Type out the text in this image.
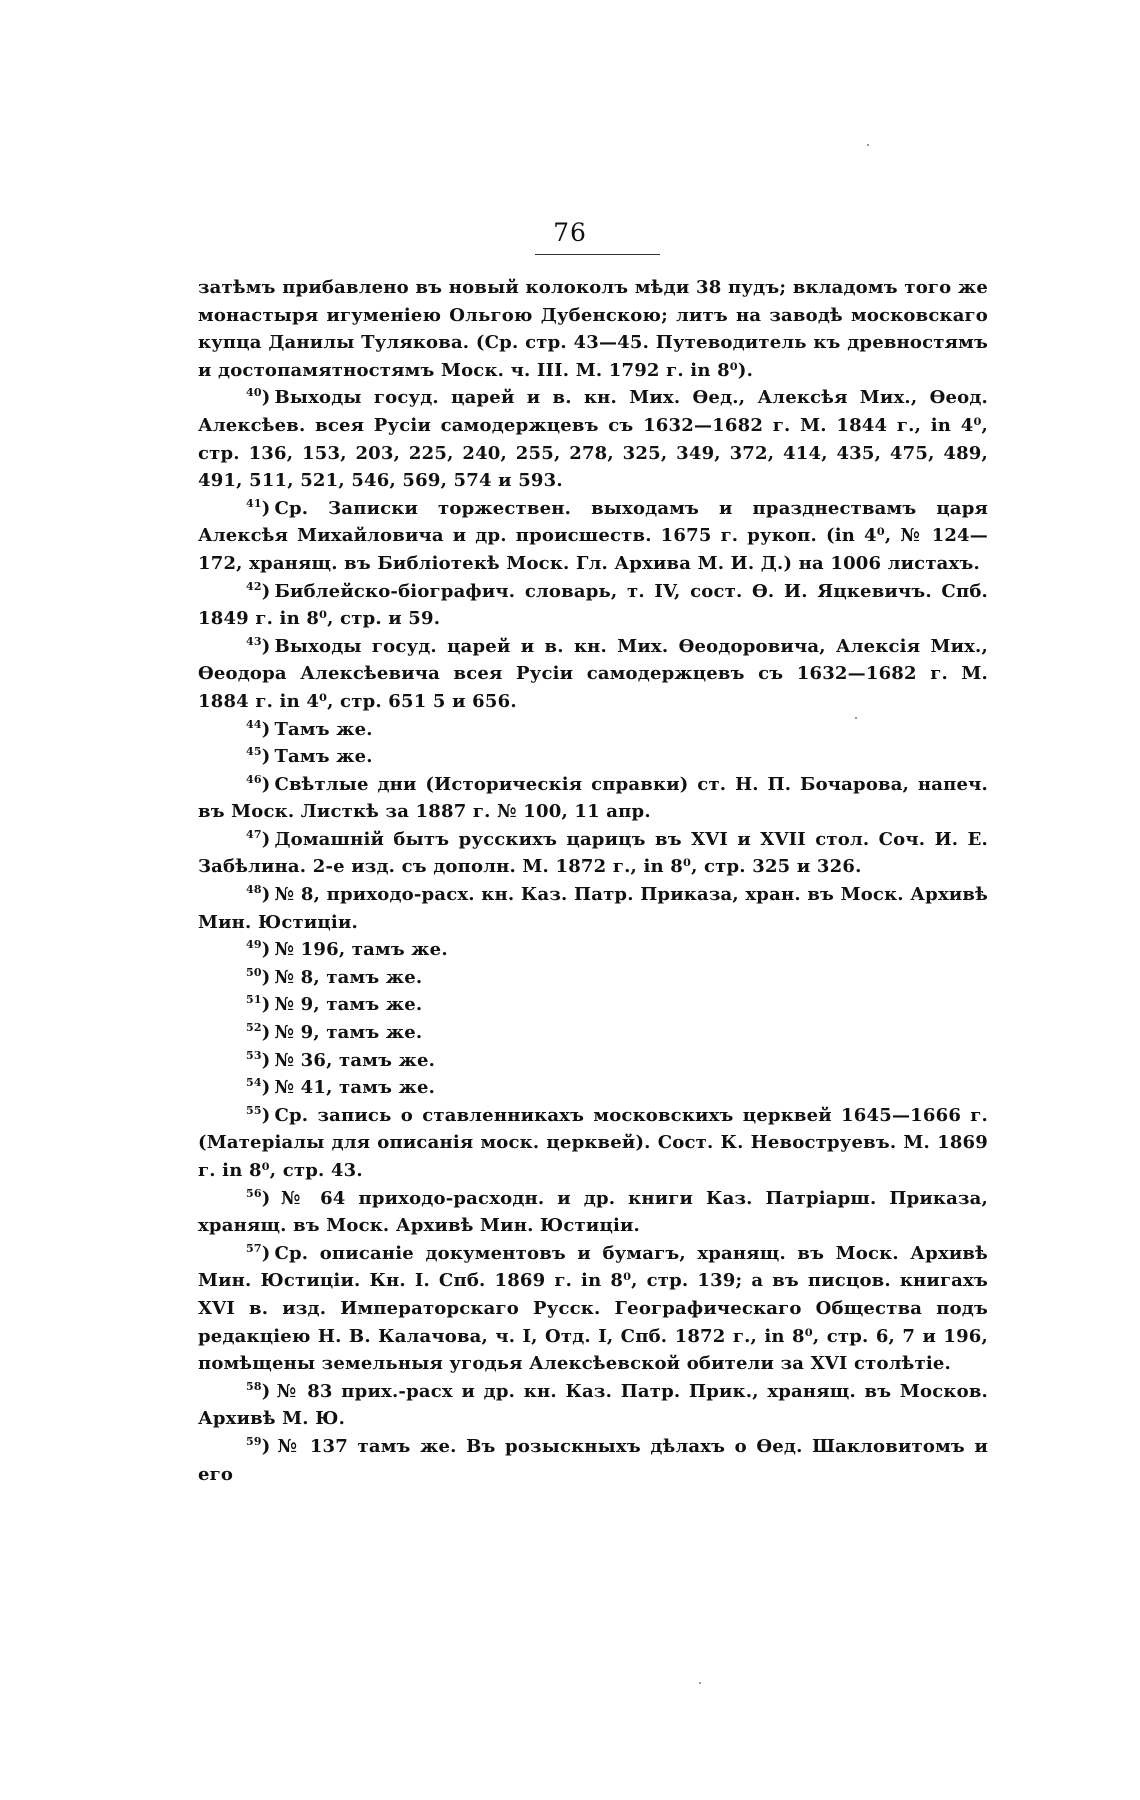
76

затѣмъ прибавлено въ новый колоколъ мѣди 38 пудъ; вкладомъ того же монастыря игуменіею Ольгою Дубенскою; литъ на заводѣ московскаго купца Данилы Тулякова. (Ср. стр. 43—45. Путеводитель къ древностямъ и достопамятностямъ Моск. ч. III. М. 1792 г. in 8⁰).

$^{40}$ ) Выходы госуд. царей и в. кн. Мих. Ѳед., Алексѣя Мих., Ѳеод. Алексѣев. всея Русіи самодержцевъ съ 1632—1682 г. М. 1844 г., in 4⁰, стр. 136, 153, 203, 225, 240, 255, 278, 325, 349, 372, 414, 435, 475, 489, 491, 511, 521, 546, 569, 574 и 593.

$^{41}$ ) Ср. Записки торжествен. выходамъ и празднествамъ царя Алексѣя Михайловича и др. происшеств. 1675 г. рукоп. (in 4⁰, № 124—172, хранящ. въ Библіотекѣ Моск. Гл. Архива М. И. Д.) на 1006 листахъ.

$^{42}$ ) Библейско-біографич. словарь, т. IV, сост. Ѳ. И. Яцкевичъ. Спб. 1849 г. in 8⁰, стр. и 59.

$^{43}$ ) Выходы госуд. царей и в. кн. Мих. Ѳеодоровича, Алексія Мих., Ѳеодора Алексѣевича всея Русіи самодержцевъ съ 1632—1682 г. М. 1884 г. in 4⁰, стр. 651 5 и 656.

$^{44}$ ) Тамъ же.

$^{45}$ ) Тамъ же.

$^{46}$ ) Свѣтлые дни (Историческія справки) ст. Н. П. Бочарова, напеч. въ Моск. Листкѣ за 1887 г. № 100, 11 апр.

$^{47}$ ) Домашній бытъ русскихъ царицъ въ XVI и XVII стол. Соч. И. Е. Забѣлина. 2-е изд. съ дополн. М. 1872 г., in 8⁰, стр. 325 и 326.

$^{48}$ ) № 8, приходо-расх. кн. Каз. Патр. Приказа, хран. въ Моск. Архивѣ Мин. Юстиціи.

$^{49}$ ) № 196, тамъ же.

$^{50}$ ) № 8, тамъ же.

$^{51}$ ) № 9, тамъ же.

$^{52}$ ) № 9, тамъ же.

$^{53}$ ) № 36, тамъ же.

$^{54}$ ) № 41, тамъ же.

$^{55}$ ) Ср. запись о ставленникахъ московскихъ церквей 1645—1666 г. (Матеріалы для описанія моск. церквей). Сост. К. Невоструевъ. М. 1869 г. in 8⁰, стр. 43.

$^{56}$ ) № 64 приходо-расходн. и др. книги Каз. Патріарш. Приказа, хранящ. въ Моск. Архивѣ Мин. Юстиціи.

$^{57}$ ) Ср. описаніе документовъ и бумагъ, хранящ. въ Моск. Архивѣ Мин. Юстиціи. Кн. I. Спб. 1869 г. in 8⁰, стр. 139; а въ писцов. книгахъ XVI в. изд. Императорскаго Русск. Географическаго Общества подъ редакціею Н. В. Калачова, ч. I, Отд. I, Спб. 1872 г., in 8⁰, стр. 6, 7 и 196, помѣщены земельныя угодья Алексѣевской обители за XVI столѣтіе.

$^{58}$ ) № 83 прих.-расх и др. кн. Каз. Патр. Прик., хранящ. въ Москов. Архивѣ М. Ю.

$^{59}$ ) № 137 тамъ же. Въ розыскныхъ дѣлахъ о Ѳед. Шакловитомъ и его
